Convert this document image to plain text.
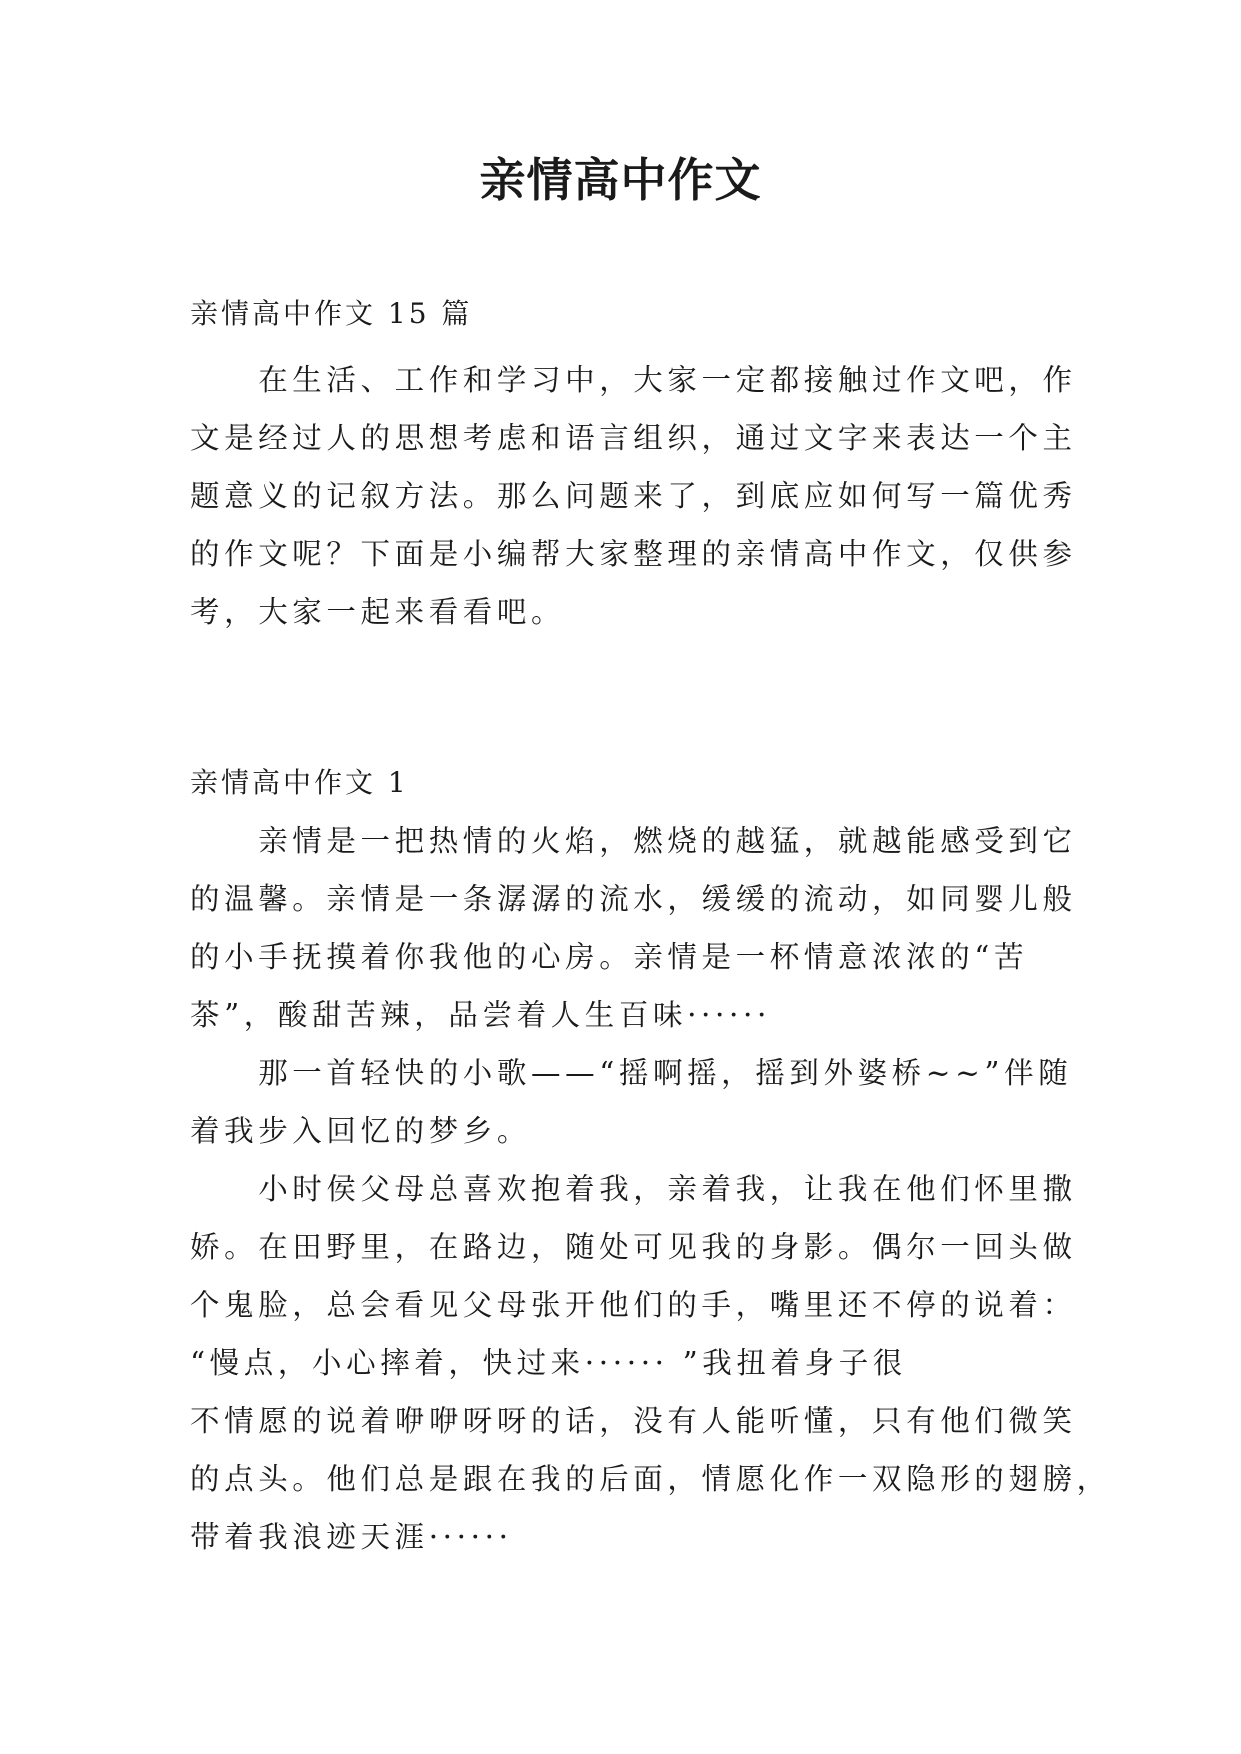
亲情高中作文

亲情高中作文 15 篇

　　在生活、工作和学习中，大家一定都接触过作文吧，作

文是经过人的思想考虑和语言组织，通过文字来表达一个主

题意义的记叙方法。那么问题来了，到底应如何写一篇优秀

的作文呢？下面是小编帮大家整理的亲情高中作文，仅供参

考，大家一起来看看吧。

亲情高中作文 1

　　亲情是一把热情的火焰，燃烧的越猛，就越能感受到它

的温馨。亲情是一条潺潺的流水，缓缓的流动，如同婴儿般

的小手抚摸着你我他的心房。亲情是一杯情意浓浓的“苦

茶”，酸甜苦辣，品尝着人生百味······

　　那一首轻快的小歌——“摇啊摇，摇到外婆桥~~”伴随

着我步入回忆的梦乡。

　　小时侯父母总喜欢抱着我，亲着我，让我在他们怀里撒

娇。在田野里，在路边，随处可见我的身影。偶尔一回头做

个鬼脸，总会看见父母张开他们的手，嘴里还不停的说着：

“慢点，小心摔着，快过来······ ”我扭着身子很

不情愿的说着咿咿呀呀的话，没有人能听懂，只有他们微笑

的点头。他们总是跟在我的后面，情愿化作一双隐形的翅膀，

带着我浪迹天涯······
